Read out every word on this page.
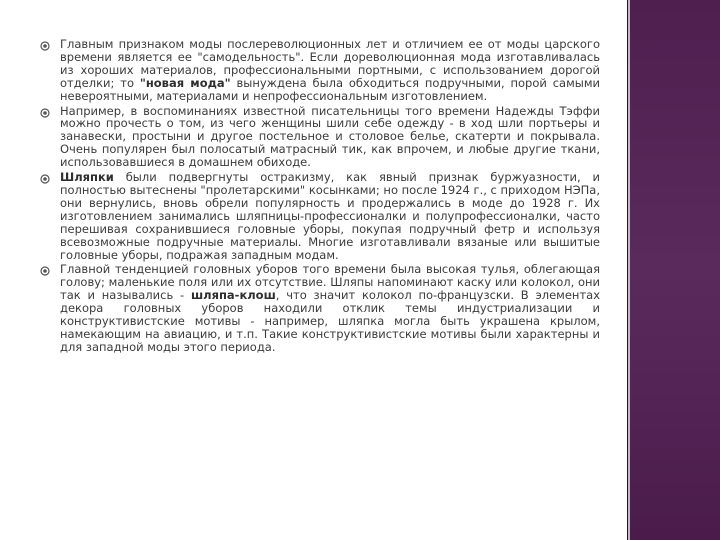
Главным признаком моды послереволюционных лет и отличием ее от моды царского времени является ее "самодельность". Если дореволюционная мода изготавливалась из хороших материалов, профессиональными портными, с использованием дорогой отделки; то "новая мода" вынуждена была обходиться подручными, порой самыми невероятными, материалами и непрофессиональным изготовлением.

Например, в воспоминаниях известной писательницы того времени Надежды Тэффи можно прочесть о том, из чего женщины шили себе одежду - в ход шли портьеры и занавески, простыни и другое постельное и столовое белье, скатерти и покрывала. Очень популярен был полосатый матрасный тик, как впрочем, и любые другие ткани, использовавшиеся в домашнем обиходе.

Шляпки были подвергнуты остракизму, как явный признак буржуазности, и полностью вытеснены "пролетарскими" косынками; но после 1924 г., с приходом НЭПа, они вернулись, вновь обрели популярность и продержались в моде до 1928 г. Их изготовлением занимались шляпницы-профессионалки и полупрофессионалки, часто перешивая сохранившиеся головные уборы, покупая подручный фетр и используя всевозможные подручные материалы. Многие изготавливали вязаные или вышитые головные уборы, подражая западным модам.

Главной тенденцией головных уборов того времени была высокая тулья, облегающая голову; маленькие поля или их отсутствие. Шляпы напоминают каску или колокол, они так и назывались - шляпа-клош, что значит колокол по-французски. В элементах декора головных уборов находили отклик темы индустриализации и конструктивистские мотивы - например, шляпка могла быть украшена крылом, намекающим на авиацию, и т.п. Такие конструктивистские мотивы были характерны и для западной моды этого периода.
